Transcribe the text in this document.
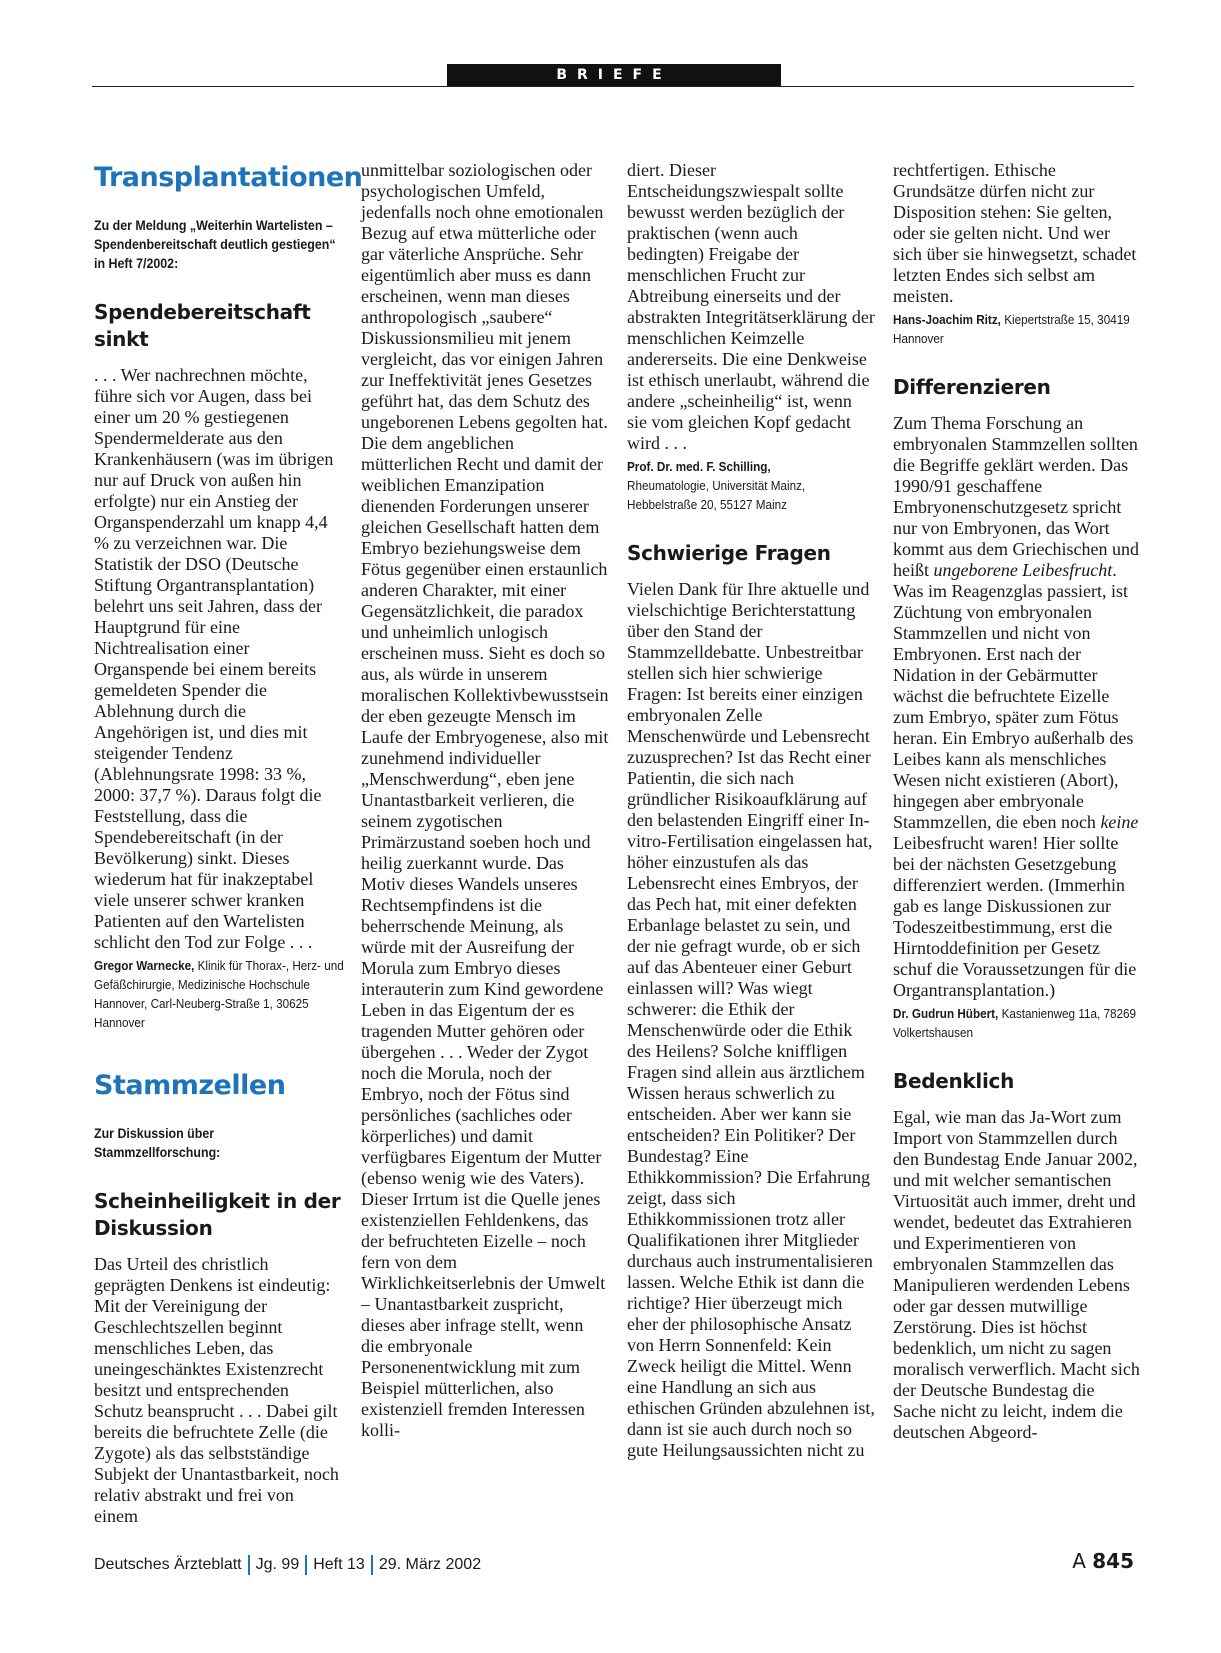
BRIEFE
Transplantationen

Zu der Meldung „Weiterhin Wartelisten – Spendenbereitschaft deutlich gestiegen“ in Heft 7/2002:

Spendebereitschaft sinkt

. . . Wer nachrechnen möchte, führe sich vor Augen, dass bei einer um 20 % gestiegenen Spendermelderate aus den Krankenhäusern (was im übrigen nur auf Druck von außen hin erfolgte) nur ein Anstieg der Organspenderzahl um knapp 4,4 % zu verzeichnen war. Die Statistik der DSO (Deutsche Stiftung Organtransplantation) belehrt uns seit Jahren, dass der Hauptgrund für eine Nichtrealisation einer Organspende bei einem bereits gemeldeten Spender die Ablehnung durch die Angehörigen ist, und dies mit steigender Tendenz (Ablehnungsrate 1998: 33 %, 2000: 37,7 %). Daraus folgt die Feststellung, dass die Spendebereitschaft (in der Bevölkerung) sinkt. Dieses wiederum hat für inakzeptabel viele unserer schwer kranken Patienten auf den Wartelisten schlicht den Tod zur Folge . . .

Gregor Warnecke, Klinik für Thorax-, Herz- und Gefäßchirurgie, Medizinische Hochschule Hannover, Carl-Neuberg-Straße 1, 30625 Hannover

Stammzellen

Zur Diskussion über Stammzellforschung:

Scheinheiligkeit in der Diskussion

Das Urteil des christlich geprägten Denkens ist eindeutig: Mit der Vereinigung der Geschlechtszellen beginnt menschliches Leben, das uneingeschänktes Existenzrecht besitzt und entsprechenden Schutz beansprucht . . . Dabei gilt bereits die befruchtete Zelle (die Zygote) als das selbstständige Subjekt der Unantastbarkeit, noch relativ abstrakt und frei von einem

unmittelbar soziologischen oder psychologischen Umfeld, jedenfalls noch ohne emotionalen Bezug auf etwa mütterliche oder gar väterliche Ansprüche. Sehr eigentümlich aber muss es dann erscheinen, wenn man dieses anthropologisch „saubere“ Diskussionsmilieu mit jenem vergleicht, das vor einigen Jahren zur Ineffektivität jenes Gesetzes geführt hat, das dem Schutz des ungeborenen Lebens gegolten hat. Die dem angeblichen mütterlichen Recht und damit der weiblichen Emanzipation dienenden Forderungen unserer gleichen Gesellschaft hatten dem Embryo beziehungsweise dem Fötus gegenüber einen erstaunlich anderen Charakter, mit einer Gegensätzlichkeit, die paradox und unheimlich unlogisch erscheinen muss. Sieht es doch so aus, als würde in unserem moralischen Kollektivbewusstsein der eben gezeugte Mensch im Laufe der Embryogenese, also mit zunehmend individueller „Menschwerdung“, eben jene Unantastbarkeit verlieren, die seinem zygotischen Primärzustand soeben hoch und heilig zuerkannt wurde. Das Motiv dieses Wandels unseres Rechtsempfindens ist die beherrschende Meinung, als würde mit der Ausreifung der Morula zum Embryo dieses interauterin zum Kind gewordene Leben in das Eigentum der es tragenden Mutter gehören oder übergehen . . . Weder der Zygot noch die Morula, noch der Embryo, noch der Fötus sind persönliches (sachliches oder körperliches) und damit verfügbares Eigentum der Mutter (ebenso wenig wie des Vaters). Dieser Irrtum ist die Quelle jenes existenziellen Fehldenkens, das der befruchteten Eizelle – noch fern von dem Wirklichkeitserlebnis der Umwelt – Unantastbarkeit zuspricht, dieses aber infrage stellt, wenn die embryonale Personenentwicklung mit zum Beispiel mütterlichen, also existenziell fremden Interessen kolli-

diert. Dieser Entscheidungszwiespalt sollte bewusst werden bezüglich der praktischen (wenn auch bedingten) Freigabe der menschlichen Frucht zur Abtreibung einerseits und der abstrakten Integritätserklärung der menschlichen Keimzelle andererseits. Die eine Denkweise ist ethisch unerlaubt, während die andere „scheinheilig“ ist, wenn sie vom gleichen Kopf gedacht wird . . .

Prof. Dr. med. F. Schilling,
Rheumatologie, Universität Mainz, Hebbelstraße 20, 55127 Mainz

Schwierige Fragen

Vielen Dank für Ihre aktuelle und vielschichtige Berichterstattung über den Stand der Stammzelldebatte. Unbestreitbar stellen sich hier schwierige Fragen: Ist bereits einer einzigen embryonalen Zelle Menschenwürde und Lebensrecht zuzusprechen? Ist das Recht einer Patientin, die sich nach gründlicher Risikoaufklärung auf den belastenden Eingriff einer In-vitro-Fertilisation eingelassen hat, höher einzustufen als das Lebensrecht eines Embryos, der das Pech hat, mit einer defekten Erbanlage belastet zu sein, und der nie gefragt wurde, ob er sich auf das Abenteuer einer Geburt einlassen will? Was wiegt schwerer: die Ethik der Menschenwürde oder die Ethik des Heilens? Solche kniffligen Fragen sind allein aus ärztlichem Wissen heraus schwerlich zu entscheiden. Aber wer kann sie entscheiden? Ein Politiker? Der Bundestag? Eine Ethikkommission? Die Erfahrung zeigt, dass sich Ethikkommissionen trotz aller Qualifikationen ihrer Mitglieder durchaus auch instrumentalisieren lassen. Welche Ethik ist dann die richtige? Hier überzeugt mich eher der philosophische Ansatz von Herrn Sonnenfeld: Kein Zweck heiligt die Mittel. Wenn eine Handlung an sich aus ethischen Gründen abzulehnen ist, dann ist sie auch durch noch so gute Heilungsaussichten nicht zu

rechtfertigen. Ethische Grundsätze dürfen nicht zur Disposition stehen: Sie gelten, oder sie gelten nicht. Und wer sich über sie hinwegsetzt, schadet letzten Endes sich selbst am meisten.

Hans-Joachim Ritz, Kiepertstraße 15, 30419 Hannover

Differenzieren

Zum Thema Forschung an embryonalen Stammzellen sollten die Begriffe geklärt werden. Das 1990/91 geschaffene Embryonenschutzgesetz spricht nur von Embryonen, das Wort kommt aus dem Griechischen und heißt ungeborene Leibesfrucht. Was im Reagenzglas passiert, ist Züchtung von embryonalen Stammzellen und nicht von Embryonen. Erst nach der Nidation in der Gebärmutter wächst die befruchtete Eizelle zum Embryo, später zum Fötus heran. Ein Embryo außerhalb des Leibes kann als menschliches Wesen nicht existieren (Abort), hingegen aber embryonale Stammzellen, die eben noch keine Leibesfrucht waren! Hier sollte bei der nächsten Gesetzgebung differenziert werden. (Immerhin gab es lange Diskussionen zur Todeszeitbestimmung, erst die Hirntoddefinition per Gesetz schuf die Voraussetzungen für die Organtransplantation.)

Dr. Gudrun Hübert, Kastanienweg 11a, 78269 Volkertshausen

Bedenklich

Egal, wie man das Ja-Wort zum Import von Stammzellen durch den Bundestag Ende Januar 2002, und mit welcher semantischen Virtuosität auch immer, dreht und wendet, bedeutet das Extrahieren und Experimentieren von embryonalen Stammzellen das Manipulieren werdenden Lebens oder gar dessen mutwillige Zerstörung. Dies ist höchst bedenklich, um nicht zu sagen moralisch verwerflich. Macht sich der Deutsche Bundestag die Sache nicht zu leicht, indem die deutschen Abgeord-

Deutsches Ärzteblatt Jg. 99 Heft 13 29. März 2002	A 845
